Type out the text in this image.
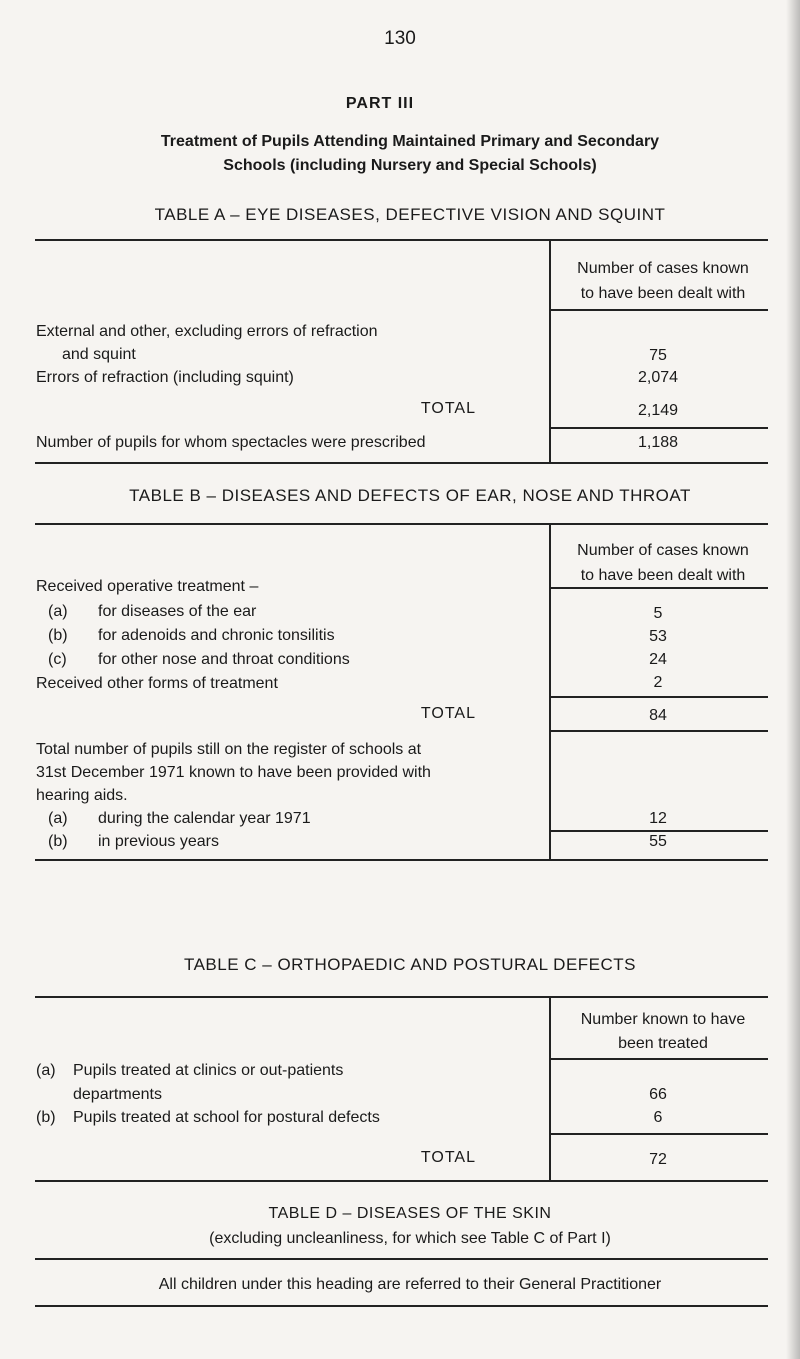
130
PART III
Treatment of Pupils Attending Maintained Primary and Secondary
Schools (including Nursery and Special Schools)
TABLE A – EYE DISEASES, DEFECTIVE VISION AND SQUINT
Number of cases known
to have been dealt with
External and other, excluding errors of refraction
and squint	75
Errors of refraction (including squint)	2,074
TOTAL	2,149
Number of pupils for whom spectacles were prescribed	1,188
TABLE B – DISEASES AND DEFECTS OF EAR, NOSE AND THROAT
Number of cases known
to have been dealt with
Received operative treatment –
(a) for diseases of the ear	5
(b) for adenoids and chronic tonsilitis	53
(c) for other nose and throat conditions	24
Received other forms of treatment	2
TOTAL	84
Total number of pupils still on the register of schools at
31st December 1971 known to have been provided with
hearing aids.
(a) during the calendar year 1971	12
(b) in previous years	55
TABLE C – ORTHOPAEDIC AND POSTURAL DEFECTS
Number known to have
been treated
(a) Pupils treated at clinics or out-patients
departments	66
(b) Pupils treated at school for postural defects	6
TOTAL	72
TABLE D – DISEASES OF THE SKIN
(excluding uncleanliness, for which see Table C of Part I)
All children under this heading are referred to their General Practitioner
